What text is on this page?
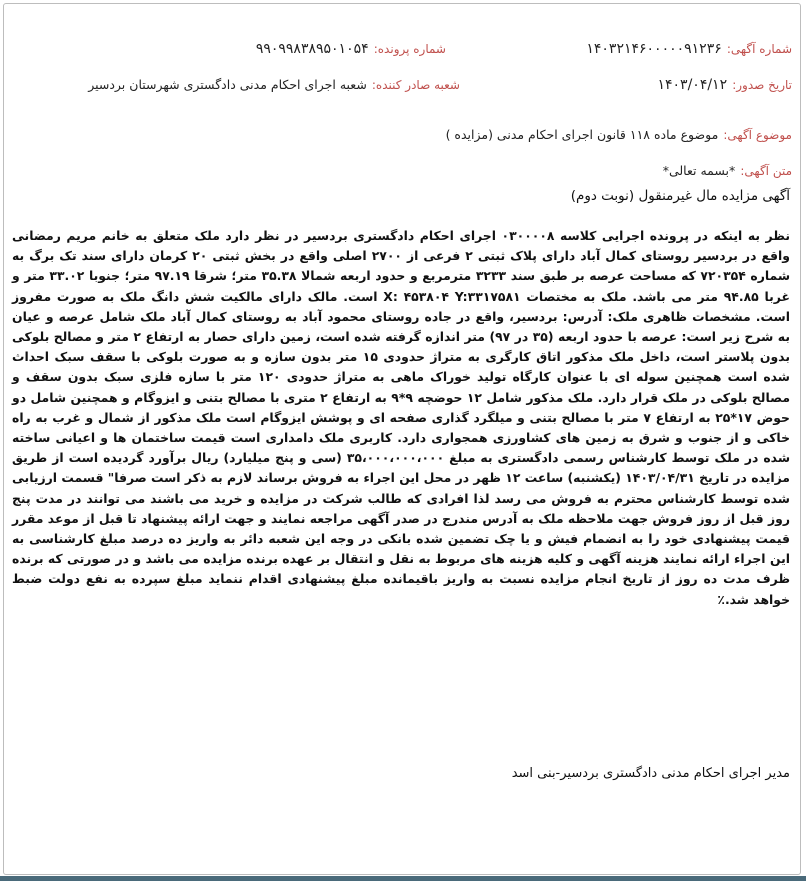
شماره آگهی: ۱۴۰۳۲۱۴۶۰۰۰۰۰۹۱۲۳۶
شماره پرونده: ۹۹۰۹۹۸۳۸۹۵۰۱۰۵۴
تاریخ صدور: ۱۴۰۳/۰۴/۱۲
شعبه صادر کننده: شعبه اجرای احکام مدنی دادگستری شهرستان بردسیر
موضوع آگهی: موضوع ماده ۱۱۸ قانون اجرای احکام مدنی (مزایده )
متن آگهی: *بسمه تعالی*
آگهی مزایده مال غیرمنقول (نوبت دوم)
نظر به اینکه در پرونده اجرایی کلاسه ۰۳۰۰۰۰۸ اجرای احکام دادگستری بردسیر در نظر دارد ملک متعلق به خانم مریم رمضانی واقع در بردسیر روستای کمال آباد دارای پلاک ثبتی ۲ فرعی از ۲۷۰۰ اصلی واقع در بخش ثبتی ۲۰ کرمان دارای سند تک برگ به شماره ۷۲۰۳۵۴ که مساحت عرصه بر طبق سند ۳۲۳۳ مترمربع و حدود اربعه شمالا ۳۵.۳۸ متر؛ شرقا ۹۷.۱۹ متر؛ جنوبا ۳۳.۰۲ متر و غربا ۹۴.۸۵ متر می باشد. ملک به مختصات X: ۴۵۳۸۰۴ Y:۳۳۱۷۵۸۱ است. مالک دارای مالکیت شش دانگ ملک به صورت مفروز است. مشخصات ظاهری ملک: آدرس: بردسیر، واقع در جاده روستای محمود آباد به روستای کمال آباد ملک شامل عرصه و عیان به شرح زیر است: عرصه با حدود اربعه (۳۵ در ۹۷) متر اندازه گرفته شده است، زمین دارای حصار به ارتفاع ۲ متر و مصالح بلوکی بدون پلاستر است، داخل ملک مذکور اتاق کارگری به متراژ حدودی ۱۵ متر بدون سازه و به صورت بلوکی با سقف سبک احداث شده است همچنین سوله ای با عنوان کارگاه تولید خوراک ماهی به متراژ حدودی ۱۲۰ متر با سازه فلزی سبک بدون سقف و مصالح بلوکی در ملک قرار دارد. ملک مذکور شامل ۱۲ حوضچه ۹*۹ به ارتفاع ۲ متری با مصالح بتنی و ایزوگام و همچنین شامل دو حوض ۱۷*۲۵ به ارتفاع ۷ متر با مصالح بتنی و میلگرد گذاری صفحه ای و پوشش ایزوگام است ملک مذکور از شمال و غرب به راه خاکی و از جنوب و شرق به زمین های کشاورزی همجواری دارد. کاربری ملک دامداری است قیمت ساختمان ها و اعیانی ساخته شده در ملک توسط کارشناس رسمی دادگستری به مبلغ ۳۵،۰۰۰،۰۰۰،۰۰۰ (سی و پنج میلیارد) ریال برآورد گردیده است از طریق مزایده در تاریخ ۱۴۰۳/۰۴/۳۱ (یکشنبه) ساعت ۱۲ ظهر در محل این اجراء به فروش برساند لازم به ذکر است صرفا" قسمت ارزیابی شده توسط کارشناس محترم به فروش می رسد لذا افرادی که طالب شرکت در مزایده و خرید می باشند می توانند در مدت پنج روز قبل از روز فروش جهت ملاحظه ملک به آدرس مندرج در صدر آگهی مراجعه نمایند و جهت ارائه پیشنهاد تا قبل از موعد مقرر قیمت پیشنهادی خود را به انضمام فیش و یا چک تضمین شده بانکی در وجه این شعبه دائر به واریز ده درصد مبلغ کارشناسی به این اجراء ارائه نمایند هزینه آگهی و کلیه هزینه های مربوط به نقل و انتقال بر عهده برنده مزایده می باشد و در صورتی که برنده ظرف مدت ده روز از تاریخ انجام مزایده نسبت به واریز باقیمانده مبلغ پیشنهادی اقدام ننماید مبلغ سپرده به نفع دولت ضبط خواهد شد.٪
مدیر اجرای احکام مدنی دادگستری بردسیر-بنی اسد
